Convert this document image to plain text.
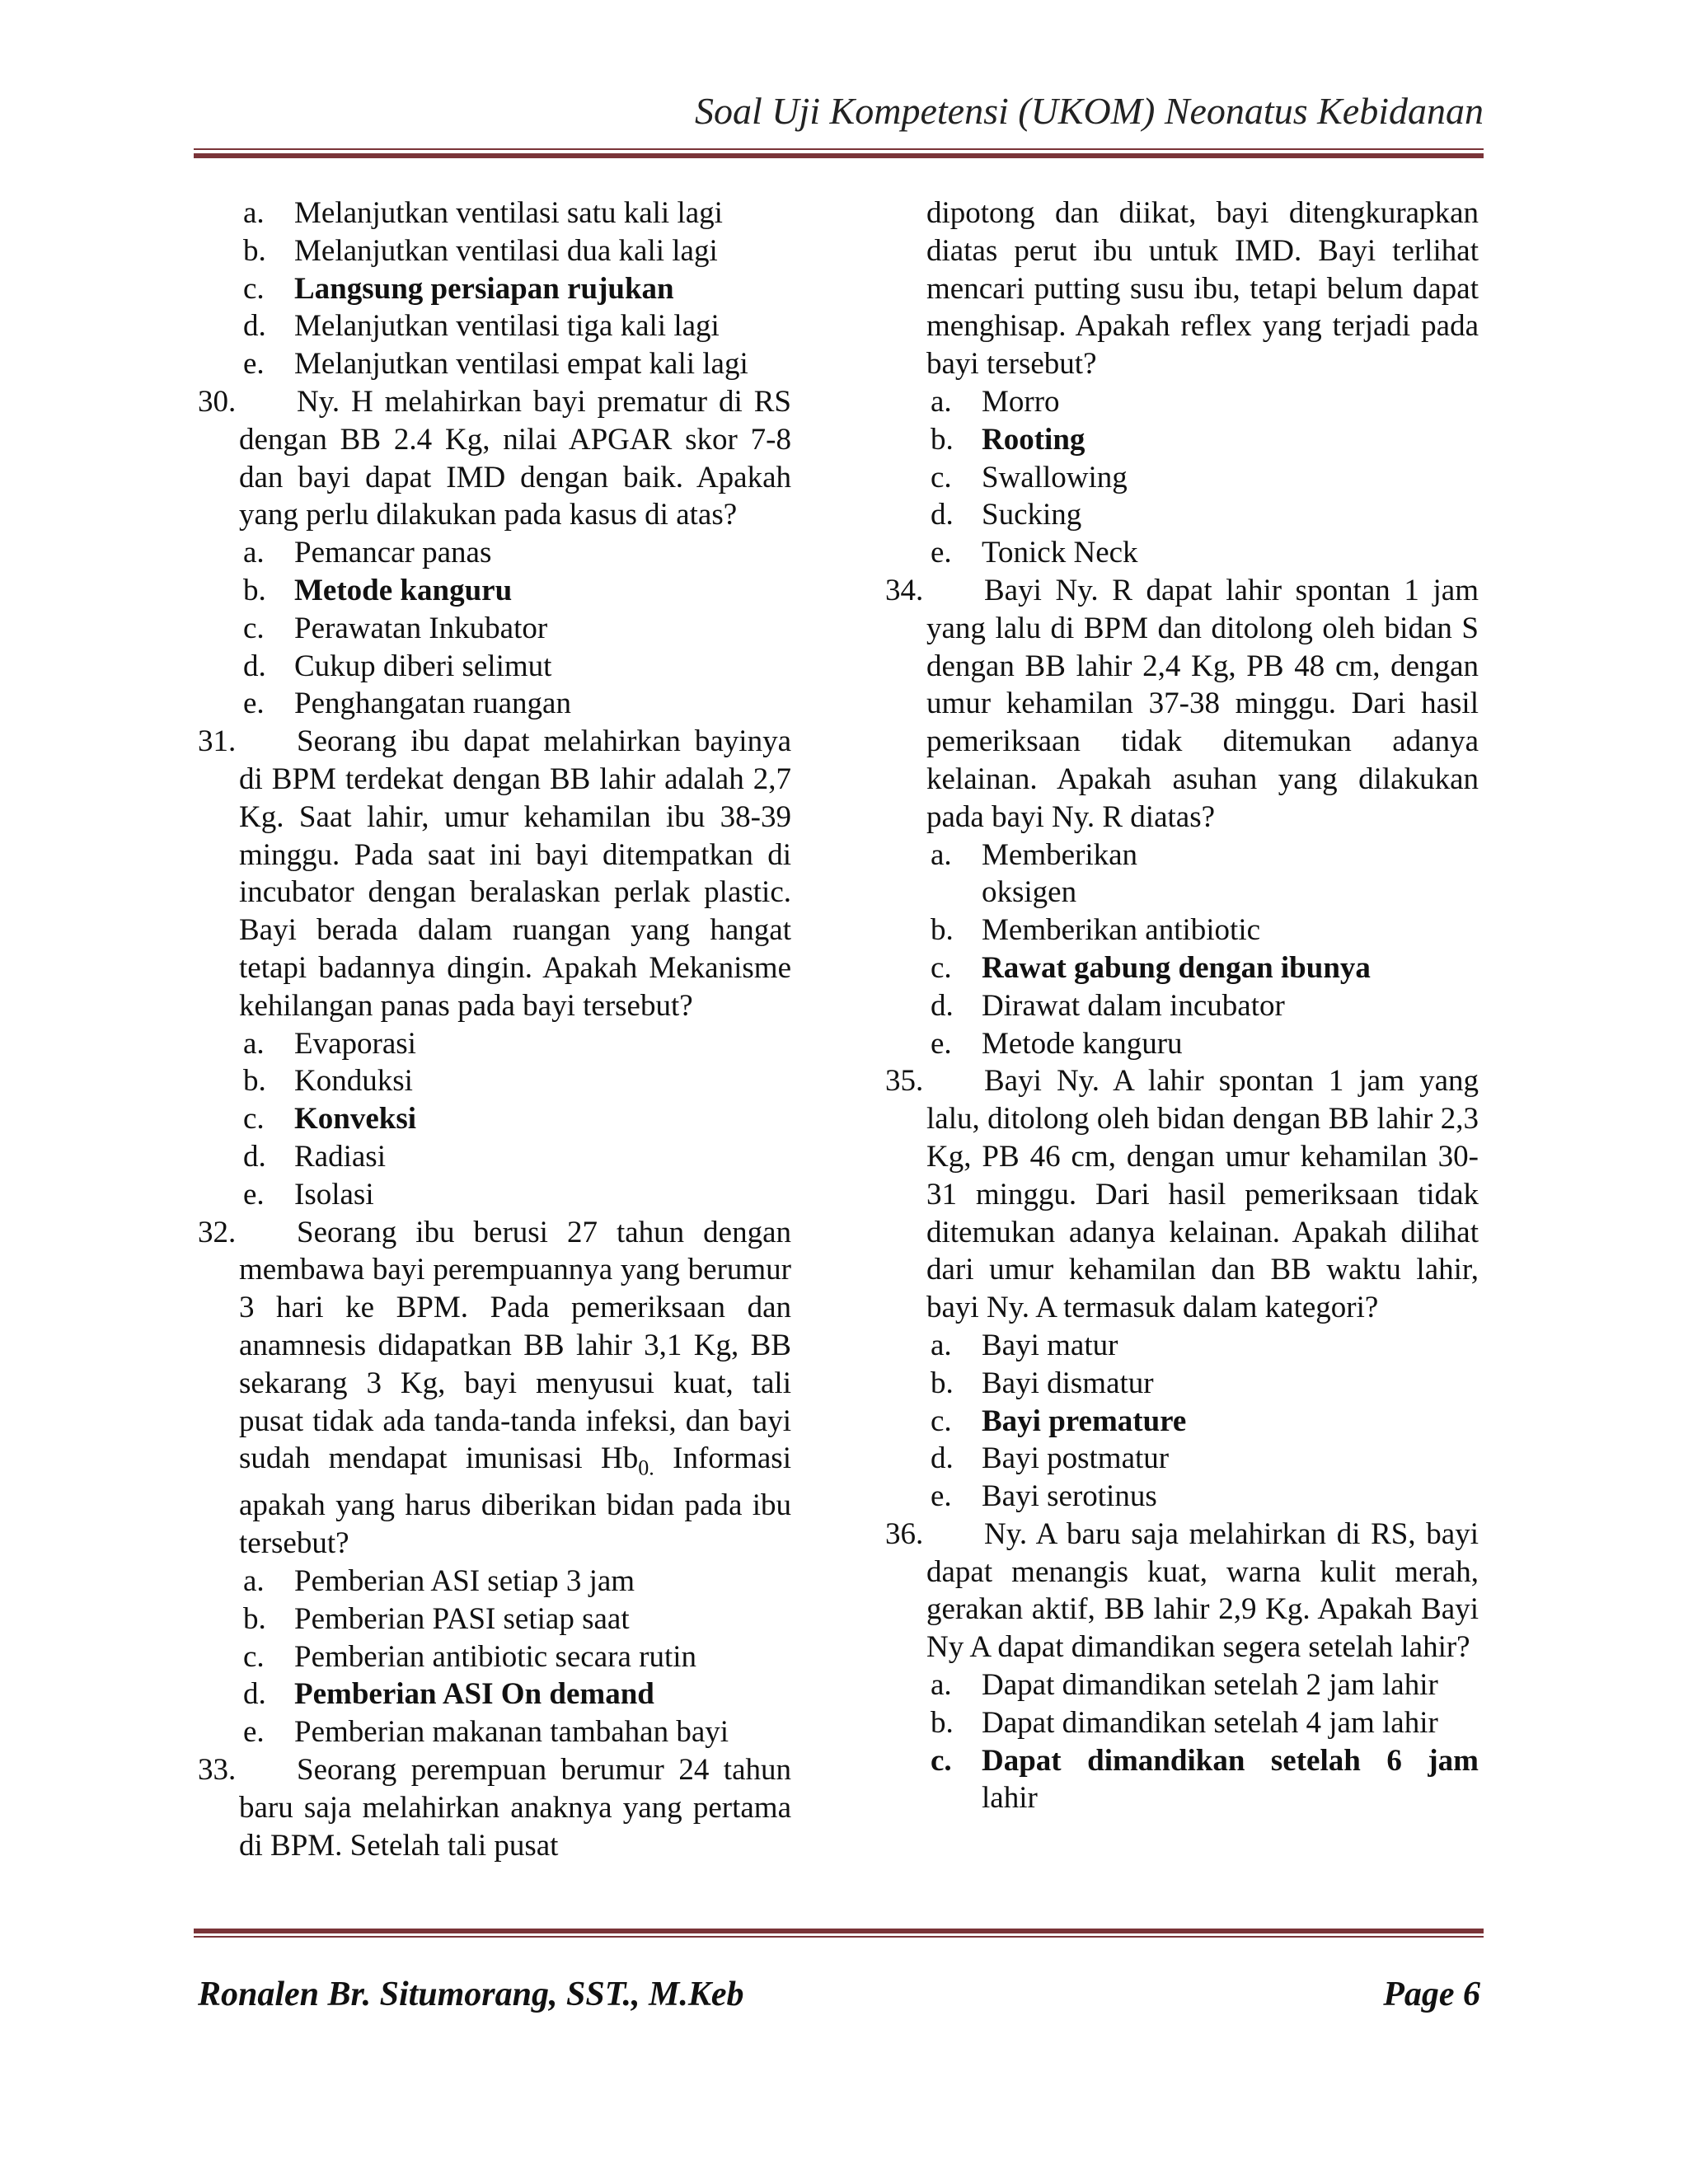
Soal Uji Kompetensi (UKOM) Neonatus Kebidanan
a. Melanjutkan ventilasi satu kali lagi
b. Melanjutkan ventilasi dua kali lagi
c. Langsung persiapan rujukan
d. Melanjutkan ventilasi tiga kali lagi
e. Melanjutkan ventilasi empat kali lagi
30. Ny. H melahirkan bayi prematur di RS dengan BB 2.4 Kg, nilai APGAR skor 7-8 dan bayi dapat IMD dengan baik. Apakah yang perlu dilakukan pada kasus di atas?
a. Pemancar panas
b. Metode kanguru
c. Perawatan Inkubator
d. Cukup diberi selimut
e. Penghangatan ruangan
31. Seorang ibu dapat melahirkan bayinya di BPM terdekat dengan BB lahir adalah 2,7 Kg. Saat lahir, umur kehamilan ibu 38-39 minggu. Pada saat ini bayi ditempatkan di incubator dengan beralaskan perlak plastic. Bayi berada dalam ruangan yang hangat tetapi badannya dingin. Apakah Mekanisme kehilangan panas pada bayi tersebut?
a. Evaporasi
b. Konduksi
c. Konveksi
d. Radiasi
e. Isolasi
32. Seorang ibu berusi 27 tahun dengan membawa bayi perempuannya yang berumur 3 hari ke BPM. Pada pemeriksaan dan anamnesis didapatkan BB lahir 3,1 Kg, BB sekarang 3 Kg, bayi menyusui kuat, tali pusat tidak ada tanda-tanda infeksi, dan bayi sudah mendapat imunisasi $Hb_{0.}$ Informasi apakah yang harus diberikan bidan pada ibu tersebut?
a. Pemberian ASI setiap 3 jam
b. Pemberian PASI setiap saat
c. Pemberian antibiotic secara rutin
d. Pemberian ASI On demand
e. Pemberian makanan tambahan bayi
33. Seorang perempuan berumur 24 tahun baru saja melahirkan anaknya yang pertama di BPM. Setelah tali pusat
dipotong dan diikat, bayi ditengkurapkan diatas perut ibu untuk IMD. Bayi terlihat mencari putting susu ibu, tetapi belum dapat menghisap. Apakah reflex yang terjadi pada bayi tersebut?
a. Morro
b. Rooting
c. Swallowing
d. Sucking
e. Tonick Neck
34. Bayi Ny. R dapat lahir spontan 1 jam yang lalu di BPM dan ditolong oleh bidan S dengan BB lahir 2,4 Kg, PB 48 cm, dengan umur kehamilan 37-38 minggu. Dari hasil pemeriksaan tidak ditemukan adanya kelainan. Apakah asuhan yang dilakukan pada bayi Ny. R diatas?
a. Memberikan
oksigen
b. Memberikan antibiotic
c. Rawat gabung dengan ibunya
d. Dirawat dalam incubator
e. Metode kanguru
35. Bayi Ny. A lahir spontan 1 jam yang lalu, ditolong oleh bidan dengan BB lahir 2,3 Kg, PB 46 cm, dengan umur kehamilan 30-31 minggu. Dari hasil pemeriksaan tidak ditemukan adanya kelainan. Apakah dilihat dari umur kehamilan dan BB waktu lahir, bayi Ny. A termasuk dalam kategori?
a. Bayi matur
b. Bayi dismatur
c. Bayi premature
d. Bayi postmatur
e. Bayi serotinus
36. Ny. A baru saja melahirkan di RS, bayi dapat menangis kuat, warna kulit merah, gerakan aktif, BB lahir 2,9 Kg. Apakah Bayi Ny A dapat dimandikan segera setelah lahir?
a. Dapat dimandikan setelah 2 jam lahir
b. Dapat dimandikan setelah 4 jam lahir
c. Dapat dimandikan setelah 6 jam
lahir
Ronalen Br. Situmorang, SST., M.Keb	Page 6
